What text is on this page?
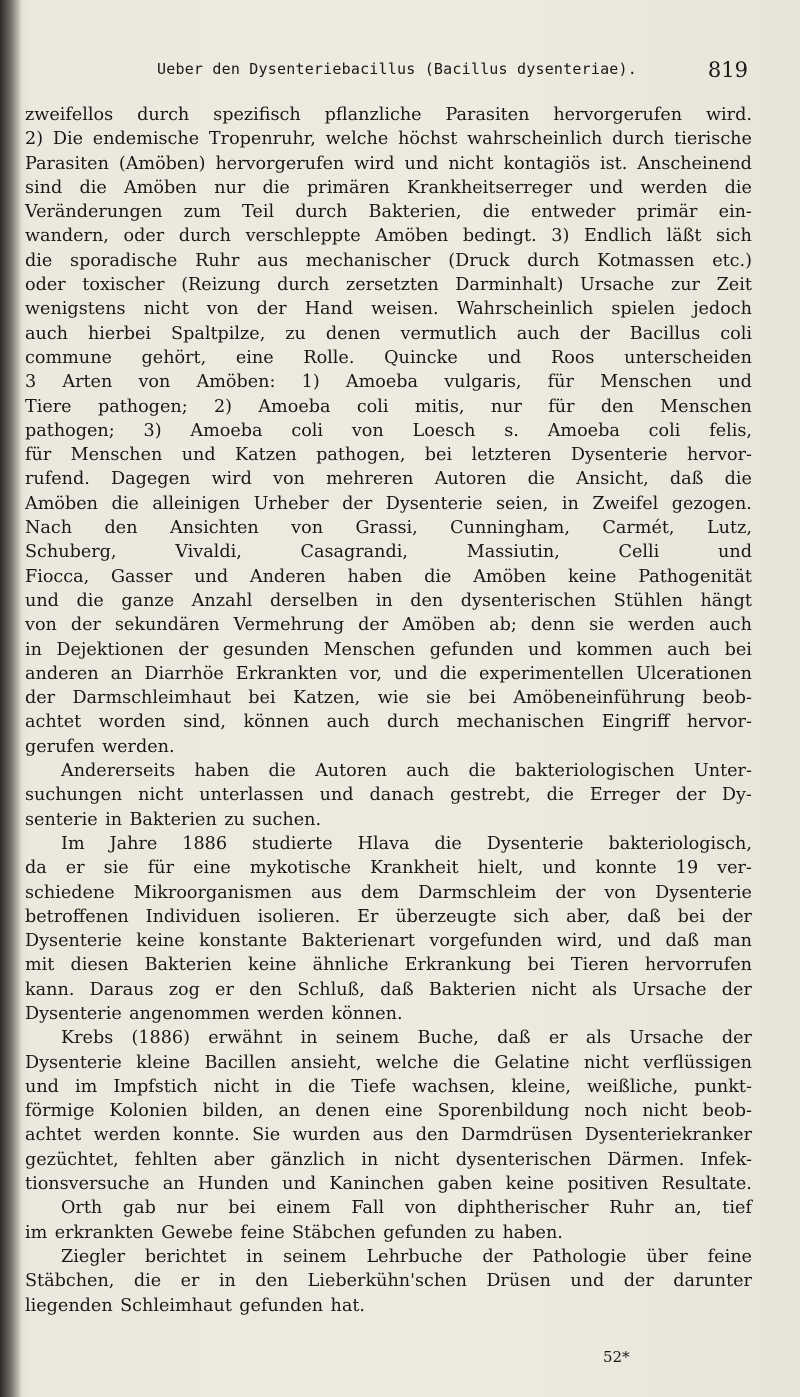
Ueber den Dysenteriebacillus (Bacillus dysenteriae).	819
zweifellos durch spezifisch pflanzliche Parasiten hervorgerufen wird.
2) Die endemische Tropenruhr, welche höchst wahrscheinlich durch tierische
Parasiten (Amöben) hervorgerufen wird und nicht kontagiös ist. Anscheinend
sind die Amöben nur die primären Krankheitserreger und werden die
Veränderungen zum Teil durch Bakterien, die entweder primär ein-
wandern, oder durch verschleppte Amöben bedingt. 3) Endlich läßt sich
die sporadische Ruhr aus mechanischer (Druck durch Kotmassen etc.)
oder toxischer (Reizung durch zersetzten Darminhalt) Ursache zur Zeit
wenigstens nicht von der Hand weisen. Wahrscheinlich spielen jedoch
auch hierbei Spaltpilze, zu denen vermutlich auch der Bacillus coli
commune gehört, eine Rolle. Quincke und Roos unterscheiden
3 Arten von Amöben: 1) Amoeba vulgaris, für Menschen und
Tiere pathogen; 2) Amoeba coli mitis, nur für den Menschen
pathogen; 3) Amoeba coli von Loesch s. Amoeba coli felis,
für Menschen und Katzen pathogen, bei letzteren Dysenterie hervor-
rufend. Dagegen wird von mehreren Autoren die Ansicht, daß die
Amöben die alleinigen Urheber der Dysenterie seien, in Zweifel gezogen.
Nach den Ansichten von Grassi, Cunningham, Carmét, Lutz,
Schuberg,	Vivaldi,	Casagrandi,	Massiutin,	Celli	und
Fiocca, Gasser und Anderen haben die Amöben keine Pathogenität
und die ganze Anzahl derselben in den dysenterischen Stühlen hängt
von der sekundären Vermehrung der Amöben ab; denn sie werden auch
in Dejektionen der gesunden Menschen gefunden und kommen auch bei
anderen an Diarrhöe Erkrankten vor, und die experimentellen Ulcerationen
der Darmschleimhaut bei Katzen, wie sie bei Amöbeneinführung beob-
achtet worden sind, können auch durch mechanischen Eingriff hervor-
gerufen werden.
Andererseits haben die Autoren auch die bakteriologischen Unter-
suchungen nicht unterlassen und danach gestrebt, die Erreger der Dy-
senterie in Bakterien zu suchen.
Im Jahre 1886 studierte Hlava die Dysenterie bakteriologisch,
da er sie für eine mykotische Krankheit hielt, und konnte 19 ver-
schiedene Mikroorganismen aus dem Darmschleim der von Dysenterie
betroffenen Individuen isolieren. Er überzeugte sich aber, daß bei der
Dysenterie keine konstante Bakterienart vorgefunden wird, und daß man
mit diesen Bakterien keine ähnliche Erkrankung bei Tieren hervorrufen
kann. Daraus zog er den Schluß, daß Bakterien nicht als Ursache der
Dysenterie angenommen werden können.
Krebs (1886) erwähnt in seinem Buche, daß er als Ursache der
Dysenterie kleine Bacillen ansieht, welche die Gelatine nicht verflüssigen
und im Impfstich nicht in die Tiefe wachsen, kleine, weißliche, punkt-
förmige Kolonien bilden, an denen eine Sporenbildung noch nicht beob-
achtet werden konnte. Sie wurden aus den Darmdrüsen Dysenteriekranker
gezüchtet, fehlten aber gänzlich in nicht dysenterischen Därmen. Infek-
tionsversuche an Hunden und Kaninchen gaben keine positiven Resultate.
Orth gab nur bei einem Fall von diphtherischer Ruhr an, tief
im erkrankten Gewebe feine Stäbchen gefunden zu haben.
Ziegler berichtet in seinem Lehrbuche der Pathologie über feine
Stäbchen, die er in den Lieberkühn'schen Drüsen und der darunter
liegenden Schleimhaut gefunden hat.
52*
